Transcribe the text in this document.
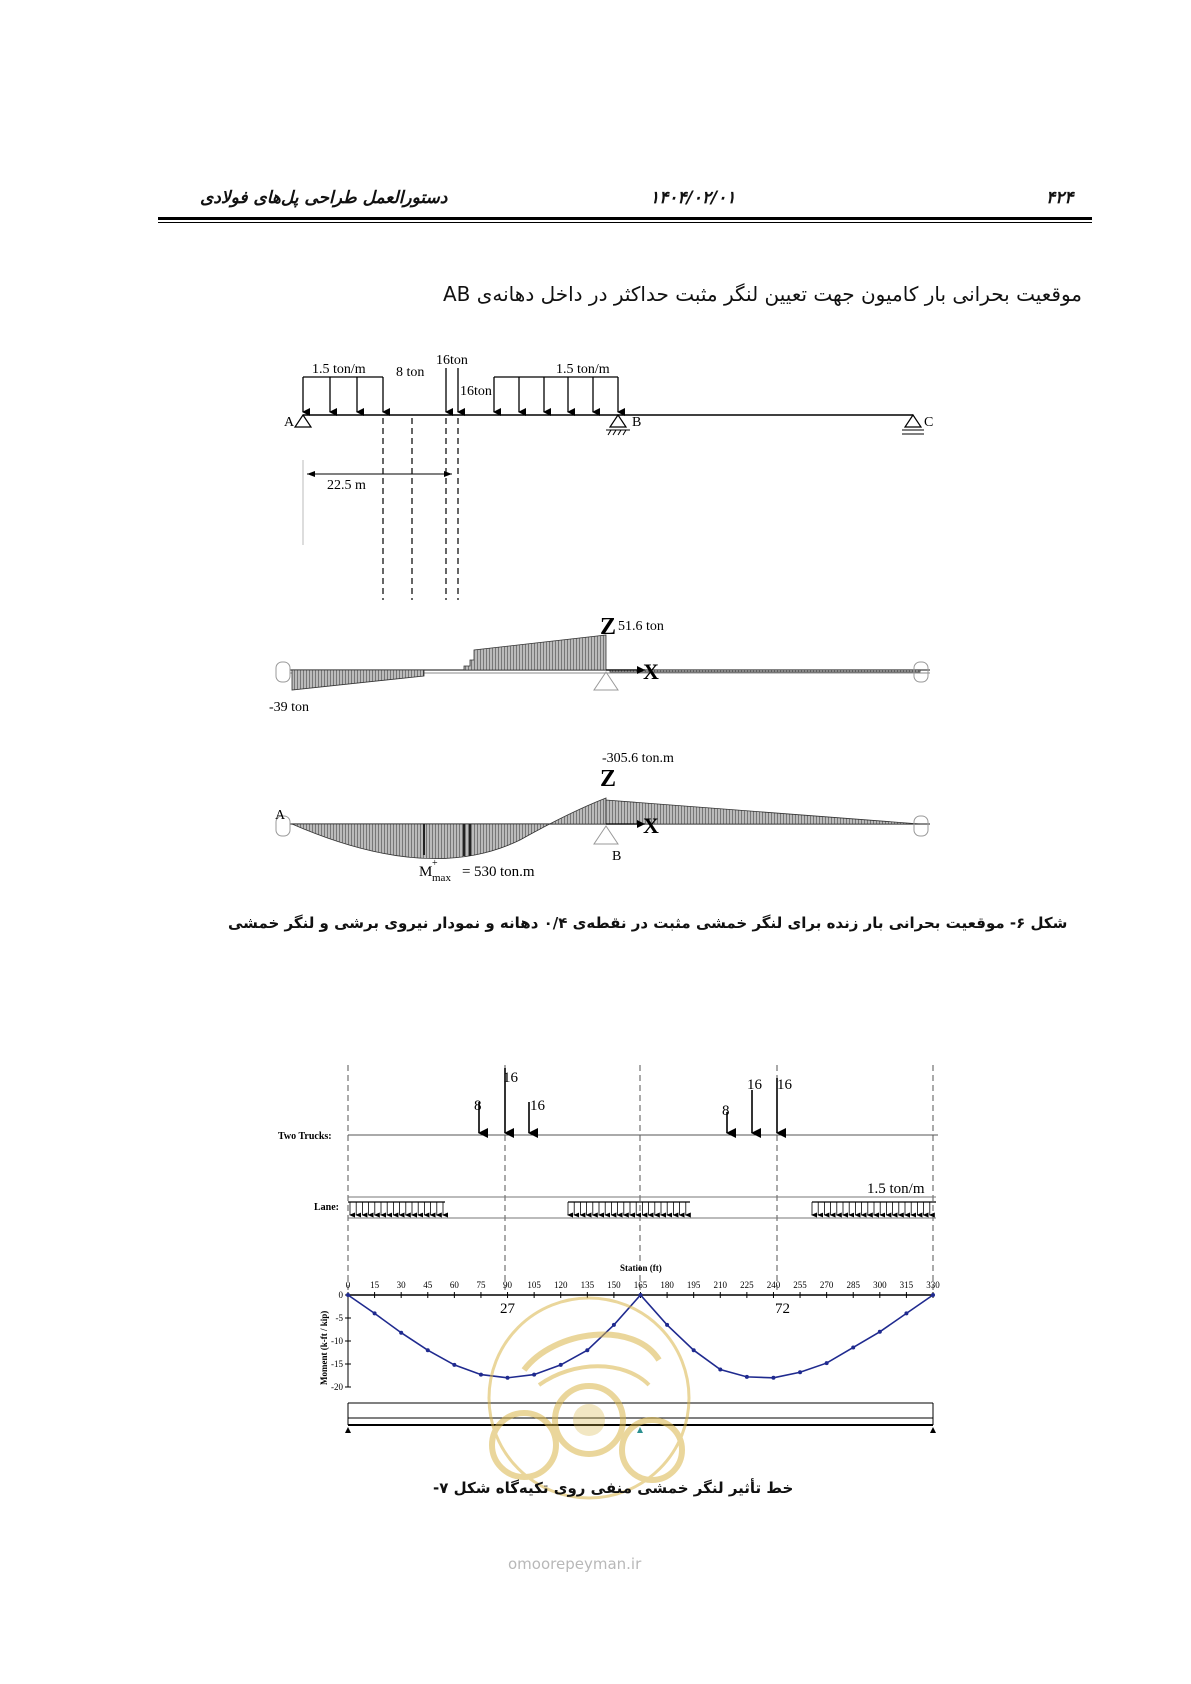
۴۲۴
۱۴۰۴/۰۲/۰۱
دستورالعمل طراحی پل‌های فولادی
موقعیت بحرانی بار کامیون جهت تعیین لنگر مثبت حداکثر در داخل دهانه‌ی AB
1.5 ton/m 8 ton
16ton
16ton
1.5 ton/m
A	B	C
22.5 m
Z
X
51.6 ton
-39 ton
Z
X
-305.6 ton.m
A
B
M
+
max = 530 ton.m
شکل ۶- موقعیت بحرانی بار زنده برای لنگر خمشی مثبت در نقطه‌ی ۰/۴ دهانه و نمودار نیروی برشی و لنگر خمشی
Two Trucks:
8
16
16	8
16 16
Lane:
1.5 ton/m
Station (ft)
0 15 30 45 60 75 90 105 120 135 150 165 180 195 210 225 240 255 270 285 300 315 330
0
-5
-10
-15
-20
Moment (k-ft / kip)
27	72
omoorepeyman.ir
خط تأثیر لنگر خمشی منفی روی تکیه‌گاه شکل ۷-
